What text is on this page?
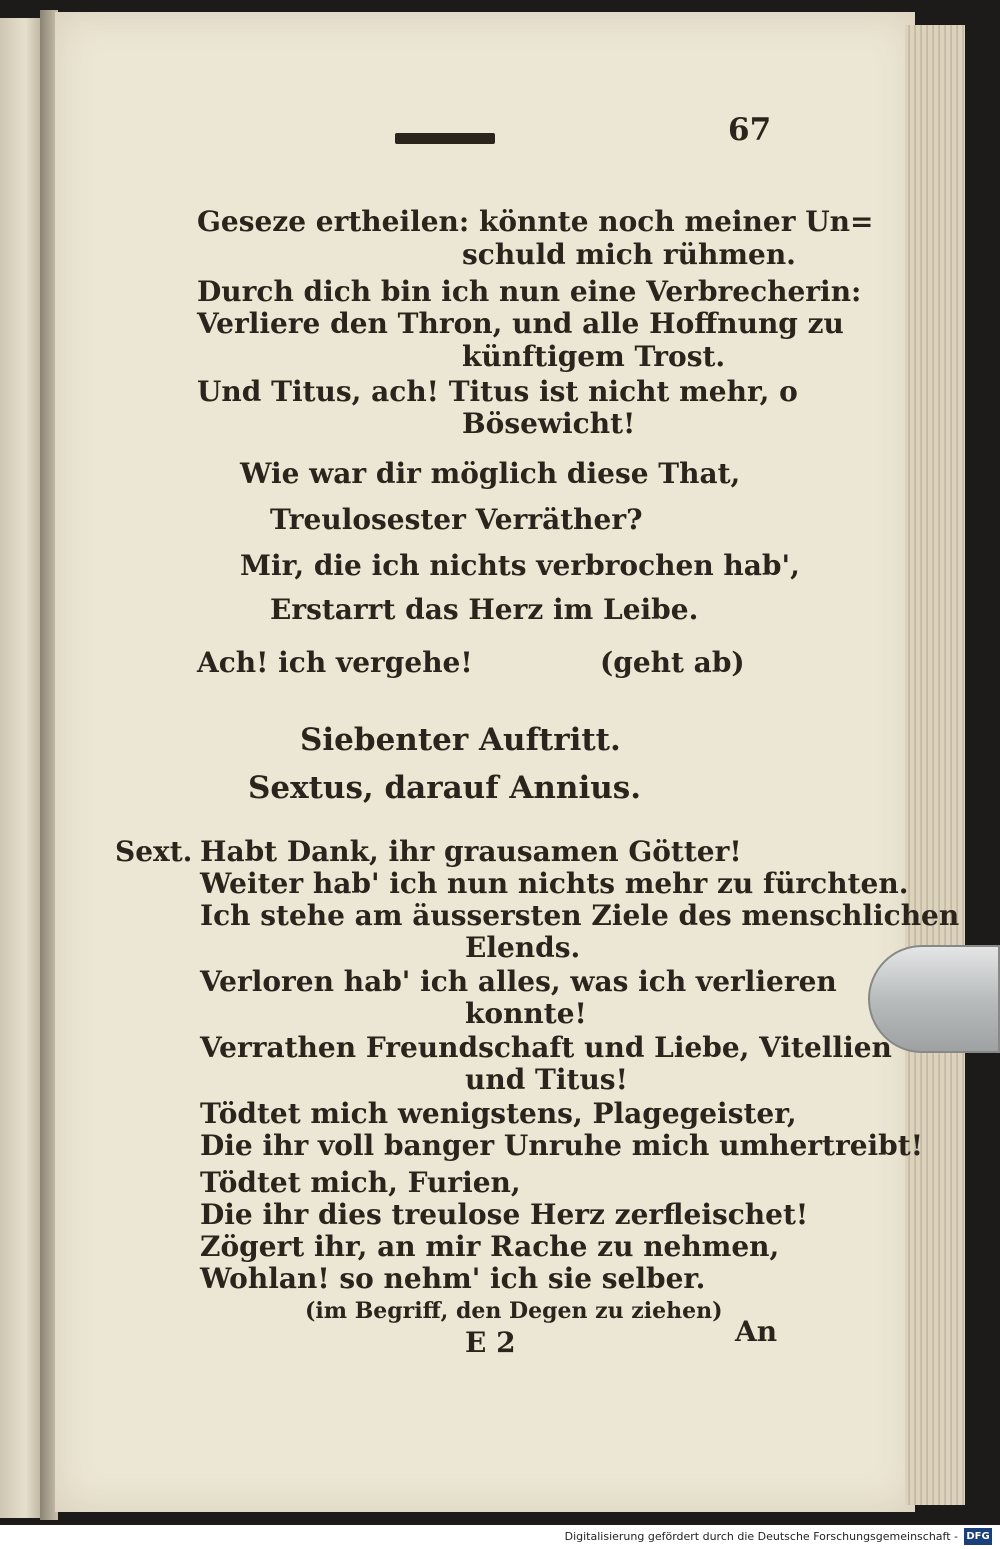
67
Geseze ertheilen: könnte noch meiner Un=
schuld mich rühmen.
Durch dich bin ich nun eine Verbrecherin:
Verliere den Thron, und alle Hoffnung zu
künftigem Trost.
Und Titus, ach! Titus ist nicht mehr, o
Bösewicht!
Wie war dir möglich diese That,
Treulosester Verräther?
Mir, die ich nichts verbrochen hab',
Erstarrt das Herz im Leibe.
Ach! ich vergehe!	(geht ab)
Siebenter Auftritt.
Sextus, darauf Annius.
Sext. Habt Dank, ihr grausamen Götter!
Weiter hab' ich nun nichts mehr zu fürchten.
Ich stehe am äussersten Ziele des menschlichen
Elends.
Verloren hab' ich alles, was ich verlieren
konnte!
Verrathen Freundschaft und Liebe, Vitellien
und Titus!
Tödtet mich wenigstens, Plagegeister,
Die ihr voll banger Unruhe mich umhertreibt!
Tödtet mich, Furien,
Die ihr dies treulose Herz zerfleischet!
Zögert ihr, an mir Rache zu nehmen,
Wohlan! so nehm' ich sie selber.
(im Begriff, den Degen zu ziehen)
E 2	An
Digitalisierung gefördert durch die Deutsche Forschungsgemeinschaft - DFG
